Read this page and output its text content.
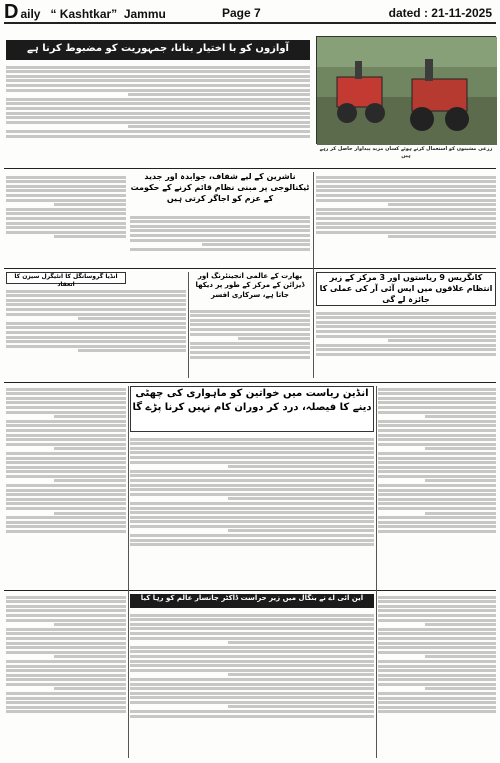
D aily   “ Kashtkar”  Jammu	Page 7	dated : 21-11-2025
آوازوں کو با اختیار بنانا، جمہوریت کو مضبوط کرنا ہے
زرعی مشینوں کو استعمال کرتے ہوئے کسان مزید پیداوار حاصل کر رہے ہیں
ناشرین کے لیے شفاف، جوابدہ اور جدید ٹیکنالوجی پر مبنی نظام قائم کرنے کے حکومت کے عزم کو اجاگر کرتی ہیں
انڈیا گروسانگل کا انٹیگرل سیزن کا انعقاد
بھارت کے عالمی انجینئرنگ اور ڈیزائن کے مرکز کے طور پر دیکھا جاتا ہے، سرکاری افسر
کانگریس 9 ریاستوں اور 3 مرکز کے زیر انتظام علاقوں میں ایس آئی آر کی عملی کا جائزہ لے گی
انڈین ریاست میں خواتین کو ماہواری کی چھٹی دینے کا فیصلہ، درد کر دوران کام نہیں کرنا پڑے گا
این آئی اے نے بنگال میں زیر حراست ڈاکٹر جانسار عالم کو رہا کیا
